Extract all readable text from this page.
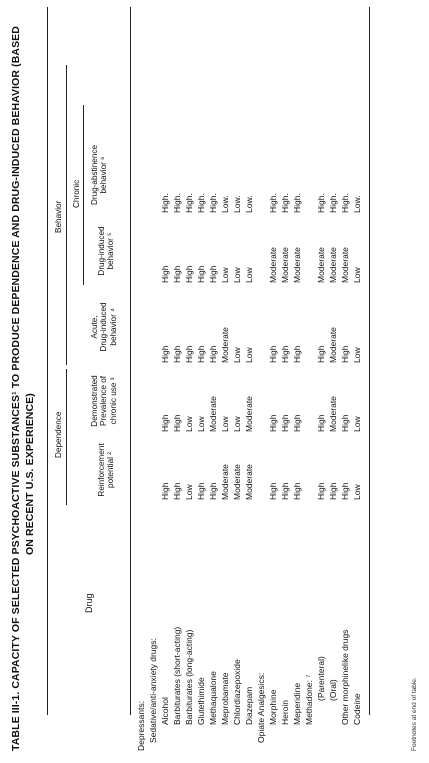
TABLE III-1. CAPACITY OF SELECTED PSYCHOACTIVE SUBSTANCES¹ TO PRODUCE DEPENDENCE AND DRUG-INDUCED BEHAVIOR (BASED ON RECENT U.S. EXPERIENCE)
Footnotes at end of table.
Drug
Dependence
Behavior
Chronic
Reinforcement potential ²
Demonstrated Prevalence of chronic use ³
Acute, Drug-induced behavior ⁴
Drug-induced behavior ⁵
Drug-abstinence behavior ⁶
Depressants: Sedative/anti-anxiety drugs: Alcohol
High
High
High
High
High.
Barbiturates (short-acting)
High
High
High
High
High.
Barbiturates (long-acting)
Low
Low
High
High
High.
Glutethimide
High
Low
High
High
High.
Methaqualone
High
Moderate
High
High
High.
Meprobamate
Moderate
Low
Moderate
Low
Low.
Chlordiazepoxide
Moderate
Low
Low
Low
Low.
Diazepam
Moderate
Moderate
Low
Low
Low.
Opiate Analgesics: Morphine
High
High
High
Moderate
High.
Heroin
High
High
High
Moderate
High.
Meperidine
High
High
High
Moderate
High.
Methadone: ⁷ (Parenteral)
High
High
High
Moderate
High.
(Oral)
High
Moderate
Moderate
Moderate
High.
Other morphinelike drugs
High
High
High
Moderate
High.
Codeine
Low
Low
Low
Low
Low.
